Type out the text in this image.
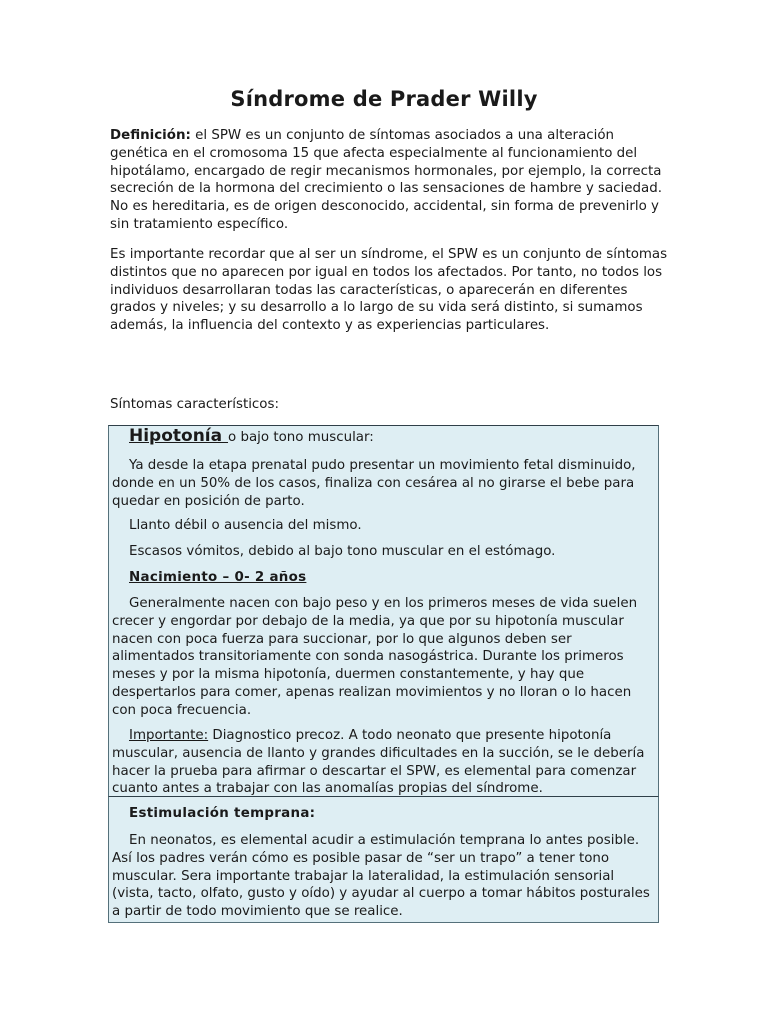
Síndrome de Prader Willy

Definición: el SPW es un conjunto de síntomas asociados a una alteración genética en el cromosoma 15 que afecta especialmente al funcionamiento del hipotálamo, encargado de regir mecanismos hormonales, por ejemplo, la correcta secreción de la hormona del crecimiento o las sensaciones de hambre y saciedad. No es hereditaria, es de origen desconocido, accidental, sin forma de prevenirlo y sin tratamiento específico.

Es importante recordar que al ser un síndrome, el SPW es un conjunto de síntomas distintos que no aparecen por igual en todos los afectados. Por tanto, no todos los individuos desarrollaran todas las características, o aparecerán en diferentes grados y niveles; y su desarrollo a lo largo de su vida será distinto, si sumamos además, la influencia del contexto y as experiencias particulares.

Síntomas característicos:

Hipotonía o bajo tono muscular:

Ya desde la etapa prenatal pudo presentar un movimiento fetal disminuido, donde en un 50% de los casos, finaliza con cesárea al no girarse el bebe para quedar en posición de parto.

Llanto débil o ausencia del mismo.

Escasos vómitos, debido al bajo tono muscular en el estómago.

Nacimiento – 0- 2 años

Generalmente nacen con bajo peso y en los primeros meses de vida suelen crecer y engordar por debajo de la media, ya que por su hipotonía muscular nacen con poca fuerza para succionar, por lo que algunos deben ser alimentados transitoriamente con sonda nasogástrica. Durante los primeros meses y por la misma hipotonía, duermen constantemente, y hay que despertarlos para comer, apenas realizan movimientos y no lloran o lo hacen con poca frecuencia.

Importante: Diagnostico precoz. A todo neonato que presente hipotonía muscular, ausencia de llanto y grandes dificultades en la succión, se le debería hacer la prueba para afirmar o descartar el SPW, es elemental para comenzar cuanto antes a trabajar con las anomalías propias del síndrome.

Estimulación temprana:

En neonatos, es elemental acudir a estimulación temprana lo antes posible. Así los padres verán cómo es posible pasar de “ser un trapo” a tener tono muscular. Sera importante trabajar la lateralidad, la estimulación sensorial (vista, tacto, olfato, gusto y oído) y ayudar al cuerpo a tomar hábitos posturales a partir de todo movimiento que se realice.
